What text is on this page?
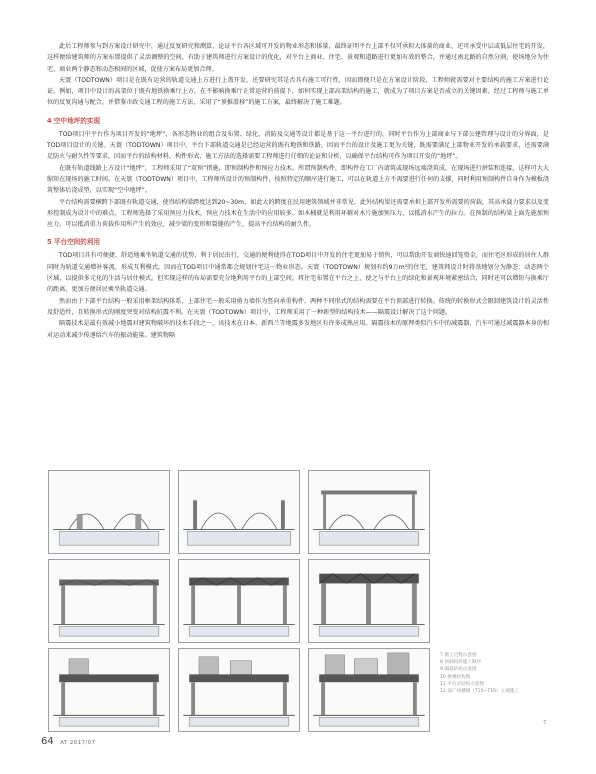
此后工程师参与到方案设计研究中，通过反复研究和测算，论证平台各区域可开发的物业形态和体量，最终证明平台上部不仅可承担大体量的商业，还可承受中层或低层住宅的开发，这样便给建筑师的方案布置提供了灵活调整的空间，有助于建筑师进行方案设计的优化，对平台上商业、住宅、景观和道路进行更加有效的整合，并通过南北路的自然分割，使场地分为住宅、商业两个静态和动态相间的区域，促使方案布局更加合理。

天寰（TODTOWN）项目是在既有运营的轨道交通上方进行上盖开发，还要研究其是否具有施工可行性，因而即便只是在方案设计阶段，工程师就需要对主要结构的施工方案进行论证。例如，项目中设计的高架位于既有地铁换乘厅上方，在不影响换乘厅正常运营的前提下，如何实现上部高架结构的施工，就成为了项目方案是否成立的关键因素。经过工程师与施工单位的反复沟通与配合，并借鉴市政交通工程的施工方法，采用了“顶推滑移”的施工方案，最终解决了施工难题。

4 空中地坪的实现

TOD项目中平台作为项目开发的“地坪”，各形态物业的组合及布置、绿化、消防及交通等设计都是基于这一平台进行的，同时平台作为上部商业与下部公建管理与设计的分界面，是TOD项目设计的关键。天寰（TODTOWN）项目中，平台下部轨道交通是已经运营的既有地铁和铁路，因而平台的设计及施工更为关键，既需要满足上部物业开发的承载要求，还需要满足防火与耐久性等要求，因而平台的结构材料、构件形式、施工方法的选择需要工程师进行仔细的论证和分析，以确保平台结构可作为项目开发的“地坪”。

在既有轨道线路上方设计“地坪”，工程师采用了“双预”措施，即预制构件和预应力技术。所谓预制构件，即构件在工厂内请筑或现场远端浇筑成，在现场进行拼装和连接，这样可大大缩短在现场的施工时间。在天寰（TODTOWN）项目中，工程师所设计的预制构件，按照特定的顺序进行施工，可以在轨道上方不需要进行任何的支撑，同时利用预制构件自身作为模板浇筑整体后浇成型，以实现“空中地坪”。

平台结构需要横跨下部既有轨道交通，使得结构梁跨度达到20~30m，如此大的跨度在民用建筑领域并非常见，此外结构梁还需要承担上部开发所需要的荷载，其高承载力要求以及变形控制成为设计中的难点。工程师选择了采用预应力技术，预应力技术在生活中的应用较多，如木桶就是利用环箍对木片施加预压力，以抵消水产生的拉力。在预制的结构梁上面先施加预应力，可以抵消重力荷载作用所产生的效应，减少梁的变形和裂缝的产生，提高平台结构的耐久性。

5 平台空间的利用

TOD项目具有可便捷、舒适地乘坐轨道交通的优势，利于居民出行，交通的便利使得在TOD项目中开发的住宅更加易于销售，可以帮助开发商快速回笼资金，而住宅区形成的居住人群同时为轨道交通增补客流，形成互利模式，因而在TOD项目中通常都会规划住宅这一物业形态。天寰（TODTOWN）规划有约9万m²的住宅，建筑师设计时将基地划分为静态：动态两个区域，以提供多元化的生活与居住模式。但实现这样的布局需要充分地利用平台的上部空间，将住宅布置在平台之上，使之与平台上的绿化和景观环境紧密结合，同时还可以增短与换乘厅的距离，更加方便居民乘坐轨道交通。

然而由于下部平台结构一般采用框架结构体系，上部住宅一般采用剪力墙作为竖向承重构件，两种不同形式的结构需要在平台顶部进行转换。传统的转换形式会限制建筑设计的灵活性及舒适性，且转换形式的刚度突变对结构抗震不利。在天寰（TODTOWN）项目中，工程师采用了一种新型的结构技术——隔震设计解决了这个问题。

隔震技术是最有效减小地震对建筑物破坏的技术手段之一，该技术在日本、新西兰等地震多发地区有许多成熟应用。隔震技术的原理类似汽车中的减震器，汽车可通过减震器本身的相对运动来减少传递给汽车的振动能量。建筑物隔

7 施工过程示意图
8 预制构件施工顺序
9 隔震结构示意图
10 换乘结构图
11 平台式结构示意图
12 南广场楼梯（T15~T16）立视施工
7
64 AT 2017/07
